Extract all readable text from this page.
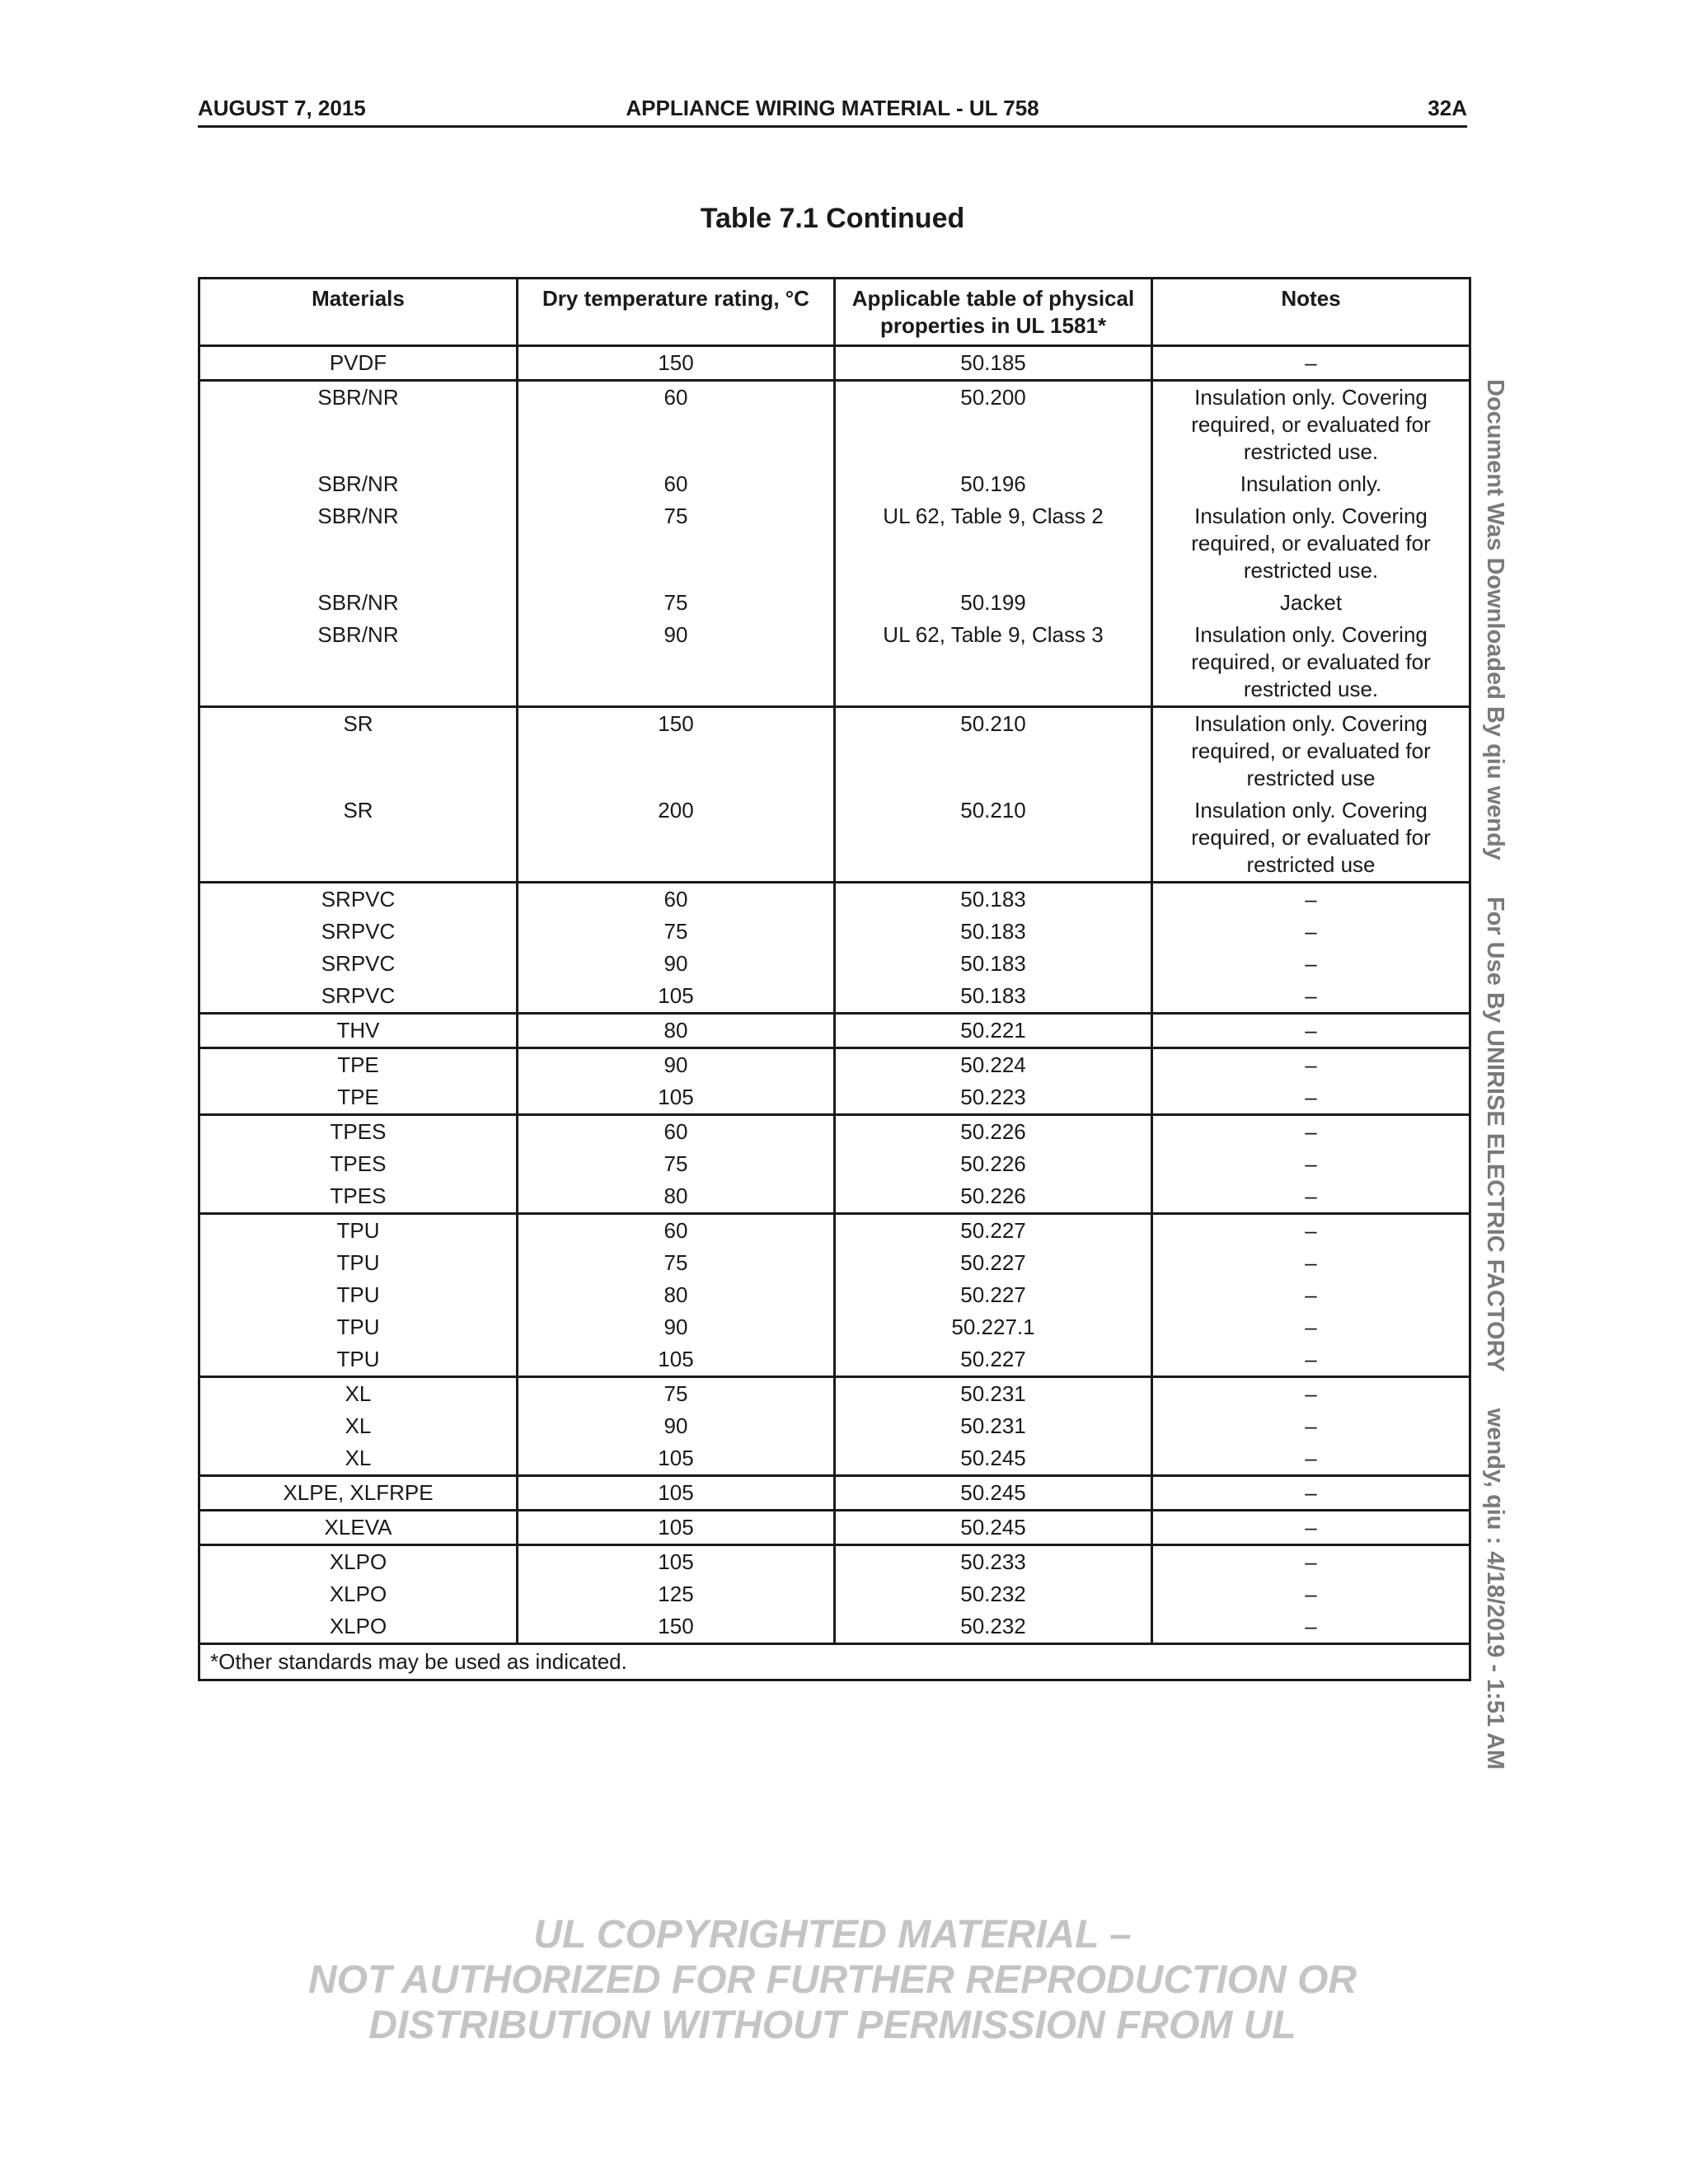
AUGUST 7, 2015	APPLIANCE WIRING MATERIAL - UL 758	32A
Table 7.1 Continued
Materials	Dry temperature rating, °C	Applicable table of physical properties in UL 1581*	Notes
PVDF	150	50.185	–
SBR/NR	60	50.200	Insulation only. Covering required, or evaluated for restricted use.
SBR/NR	60	50.196	Insulation only.
SBR/NR	75	UL 62, Table 9, Class 2	Insulation only. Covering required, or evaluated for restricted use.
SBR/NR	75	50.199	Jacket
SBR/NR	90	UL 62, Table 9, Class 3	Insulation only. Covering required, or evaluated for restricted use.
SR	150	50.210	Insulation only. Covering required, or evaluated for restricted use
SR	200	50.210	Insulation only. Covering required, or evaluated for restricted use
SRPVC	60	50.183	–
SRPVC	75	50.183	–
SRPVC	90	50.183	–
SRPVC	105	50.183	–
THV	80	50.221	–
TPE	90	50.224	–
TPE	105	50.223	–
TPES	60	50.226	–
TPES	75	50.226	–
TPES	80	50.226	–
TPU	60	50.227	–
TPU	75	50.227	–
TPU	80	50.227	–
TPU	90	50.227.1	–
TPU	105	50.227	–
XL	75	50.231	–
XL	90	50.231	–
XL	105	50.245	–
XLPE, XLFRPE	105	50.245	–
XLEVA	105	50.245	–
XLPO	105	50.233	–
XLPO	125	50.232	–
XLPO	150	50.232	–
*Other standards may be used as indicated.			
Document Was Downloaded By qiu wendy For Use By UNIRISE ELECTRIC FACTORY wendy, qiu : 4/18/2019 - 1:51 AM
UL COPYRIGHTED MATERIAL –
NOT AUTHORIZED FOR FURTHER REPRODUCTION OR
DISTRIBUTION WITHOUT PERMISSION FROM UL
